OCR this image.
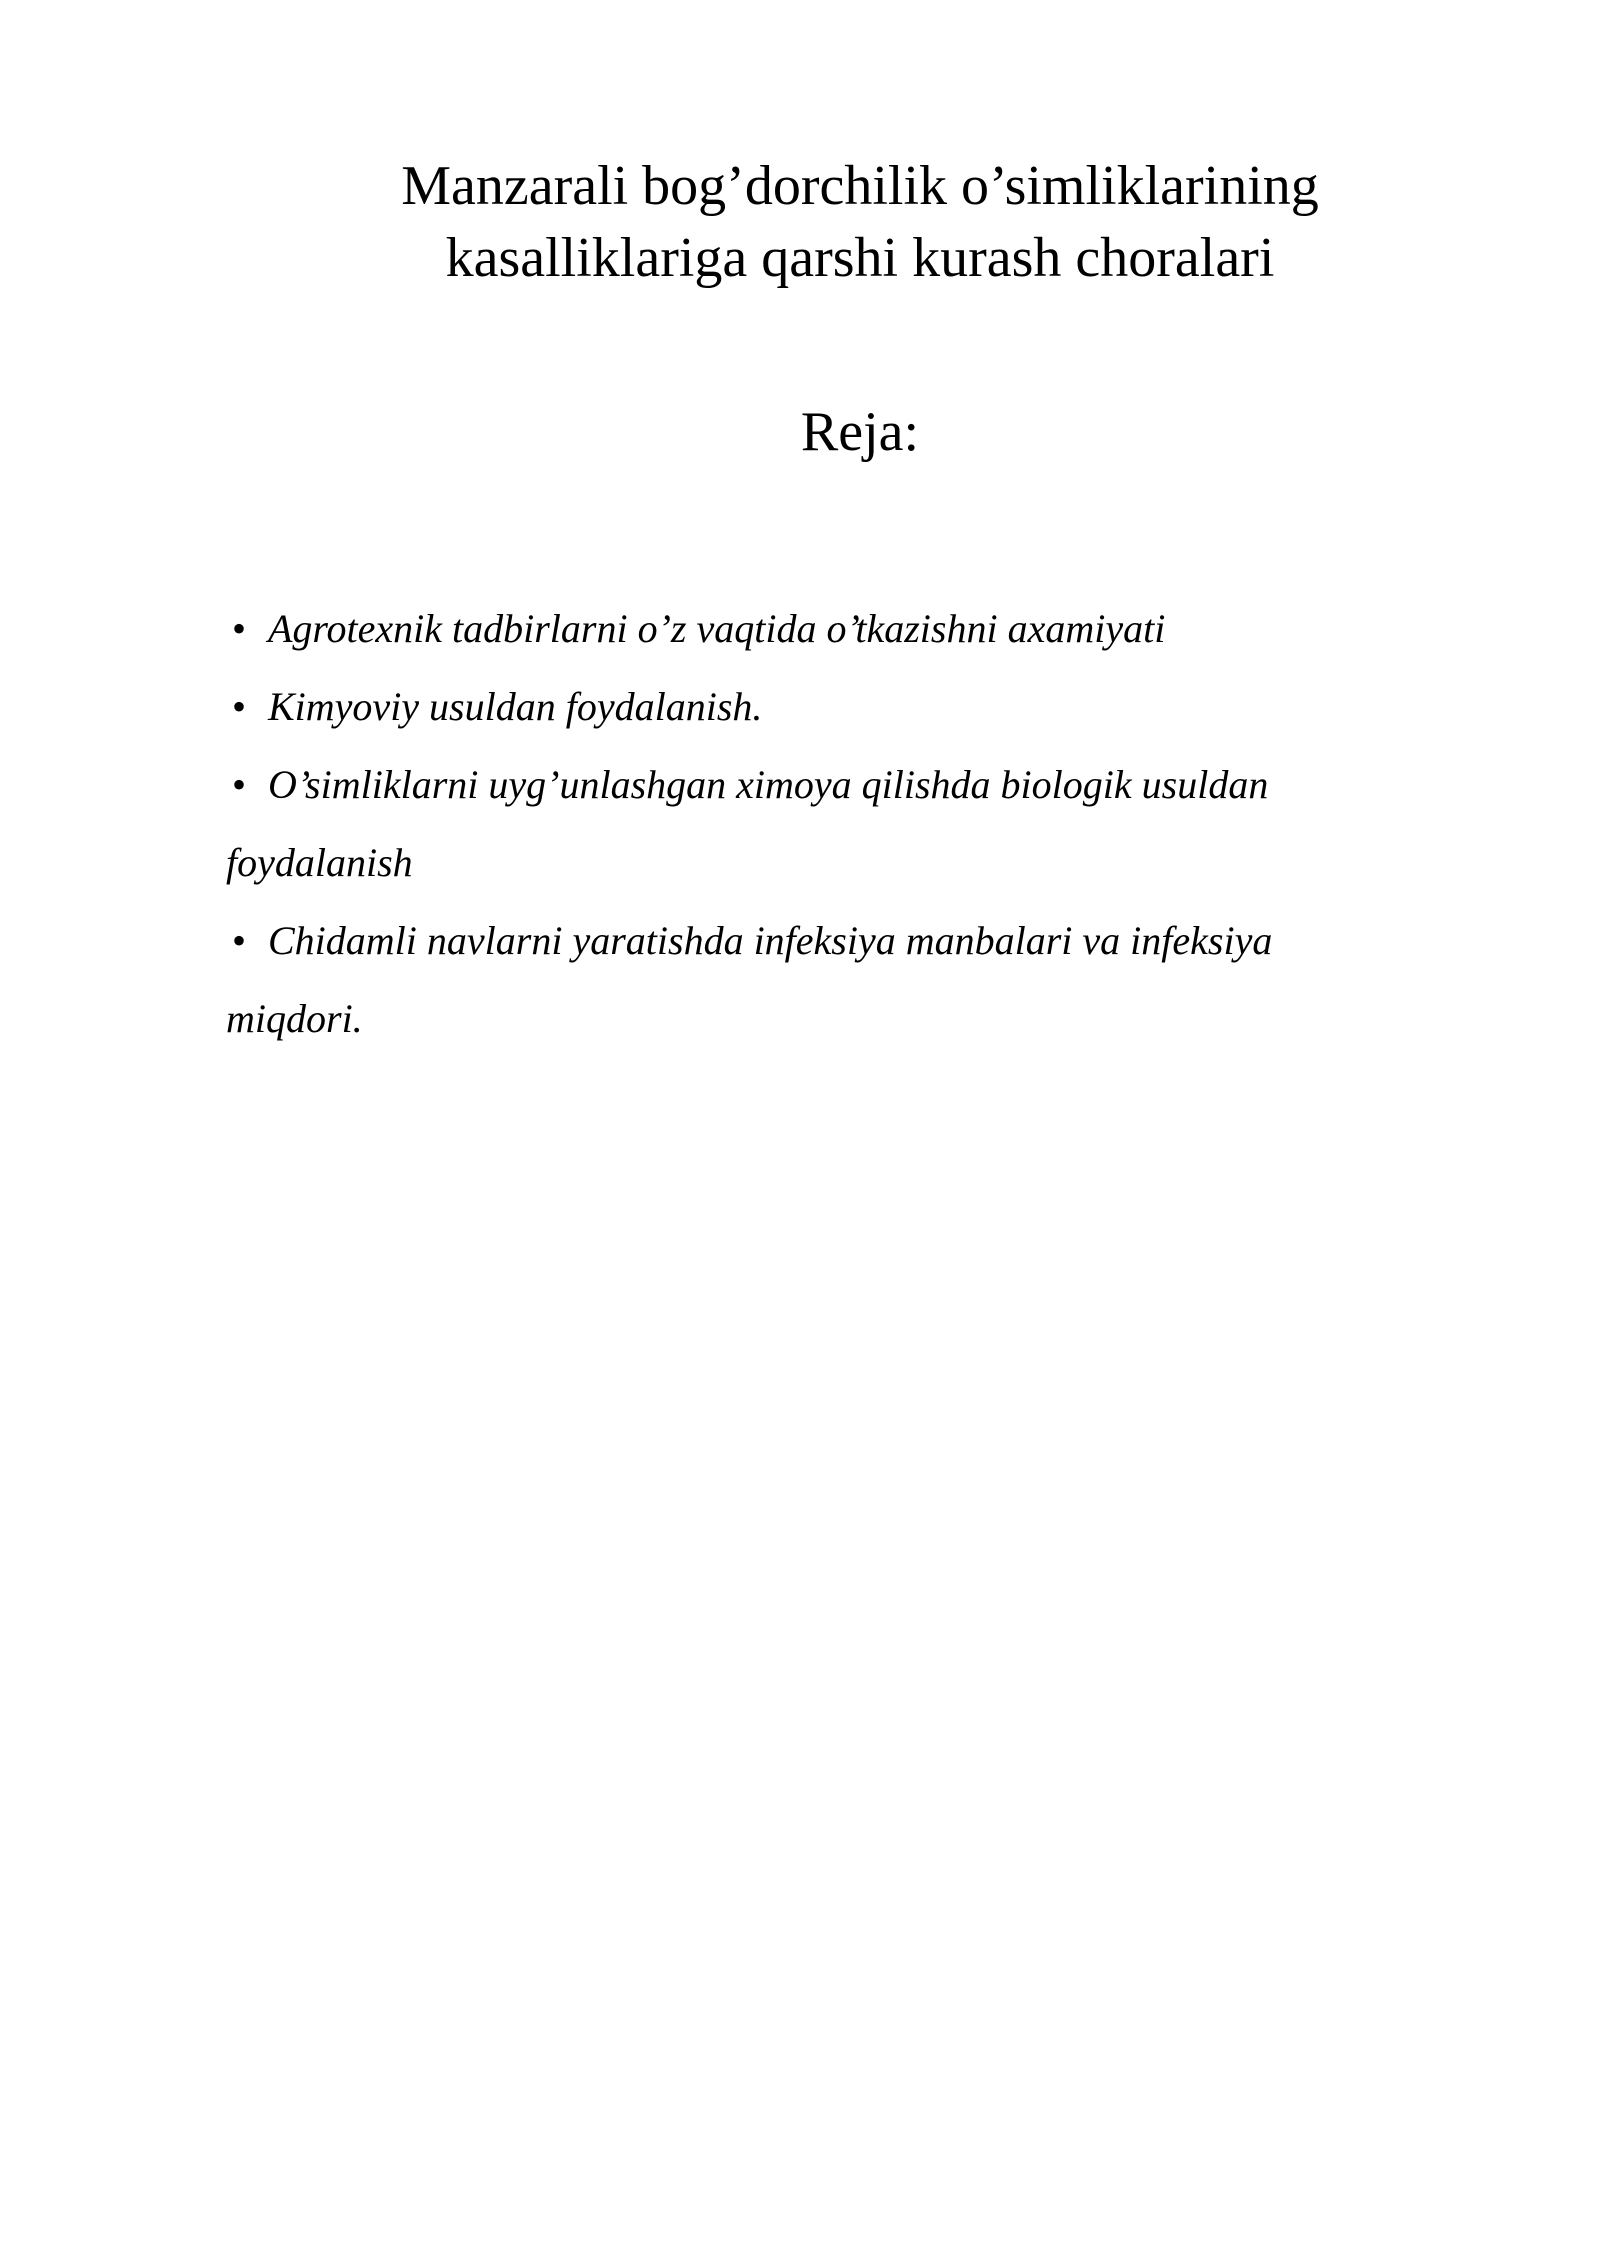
Manzarali bog’dorchilik o’simliklarining
kasalliklariga qarshi kurash choralari
Reja:
• Agrotexnik tadbirlarni o’z vaqtida o’tkazishni axamiyati
• Kimyoviy usuldan foydalanish.
• O’simliklarni uyg’unlashgan ximoya qilishda biologik usuldan
foydalanish
• Chidamli navlarni yaratishda infeksiya manbalari va infeksiya
miqdori.
